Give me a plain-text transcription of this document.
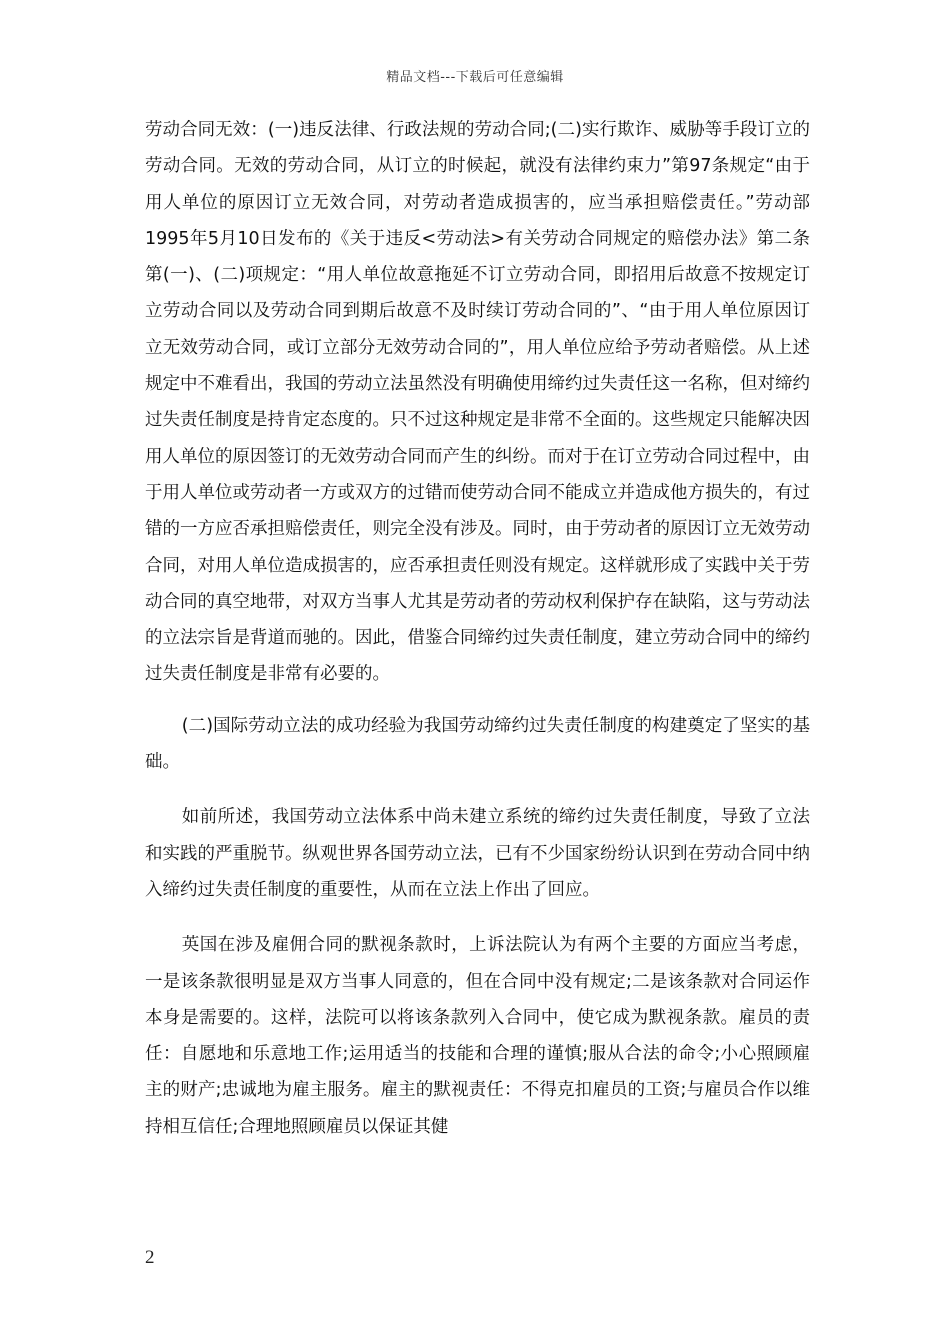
精品文档---下载后可任意编辑

劳动合同无效：(一)违反法律、行政法规的劳动合同;(二)实行欺诈、威胁等手段订立的劳动合同。无效的劳动合同，从订立的时候起，就没有法律约束力”第97条规定“由于用人单位的原因订立无效合同，对劳动者造成损害的，应当承担赔偿责任。”劳动部1995年5月10日发布的《关于违反<劳动法>有关劳动合同规定的赔偿办法》第二条第(一)、(二)项规定：“用人单位故意拖延不订立劳动合同，即招用后故意不按规定订立劳动合同以及劳动合同到期后故意不及时续订劳动合同的”、“由于用人单位原因订立无效劳动合同，或订立部分无效劳动合同的”，用人单位应给予劳动者赔偿。从上述规定中不难看出，我国的劳动立法虽然没有明确使用缔约过失责任这一名称，但对缔约过失责任制度是持肯定态度的。只不过这种规定是非常不全面的。这些规定只能解决因用人单位的原因签订的无效劳动合同而产生的纠纷。而对于在订立劳动合同过程中，由于用人单位或劳动者一方或双方的过错而使劳动合同不能成立并造成他方损失的，有过错的一方应否承担赔偿责任，则完全没有涉及。同时，由于劳动者的原因订立无效劳动合同，对用人单位造成损害的，应否承担责任则没有规定。这样就形成了实践中关于劳动合同的真空地带，对双方当事人尤其是劳动者的劳动权利保护存在缺陷，这与劳动法的立法宗旨是背道而驰的。因此，借鉴合同缔约过失责任制度，建立劳动合同中的缔约过失责任制度是非常有必要的。

(二)国际劳动立法的成功经验为我国劳动缔约过失责任制度的构建奠定了坚实的基础。

如前所述，我国劳动立法体系中尚未建立系统的缔约过失责任制度，导致了立法和实践的严重脱节。纵观世界各国劳动立法，已有不少国家纷纷认识到在劳动合同中纳入缔约过失责任制度的重要性，从而在立法上作出了回应。

英国在涉及雇佣合同的默视条款时，上诉法院认为有两个主要的方面应当考虑，一是该条款很明显是双方当事人同意的，但在合同中没有规定;二是该条款对合同运作本身是需要的。这样，法院可以将该条款列入合同中，使它成为默视条款。雇员的责任：自愿地和乐意地工作;运用适当的技能和合理的谨慎;服从合法的命令;小心照顾雇主的财产;忠诚地为雇主服务。雇主的默视责任：不得克扣雇员的工资;与雇员合作以维持相互信任;合理地照顾雇员以保证其健

2
